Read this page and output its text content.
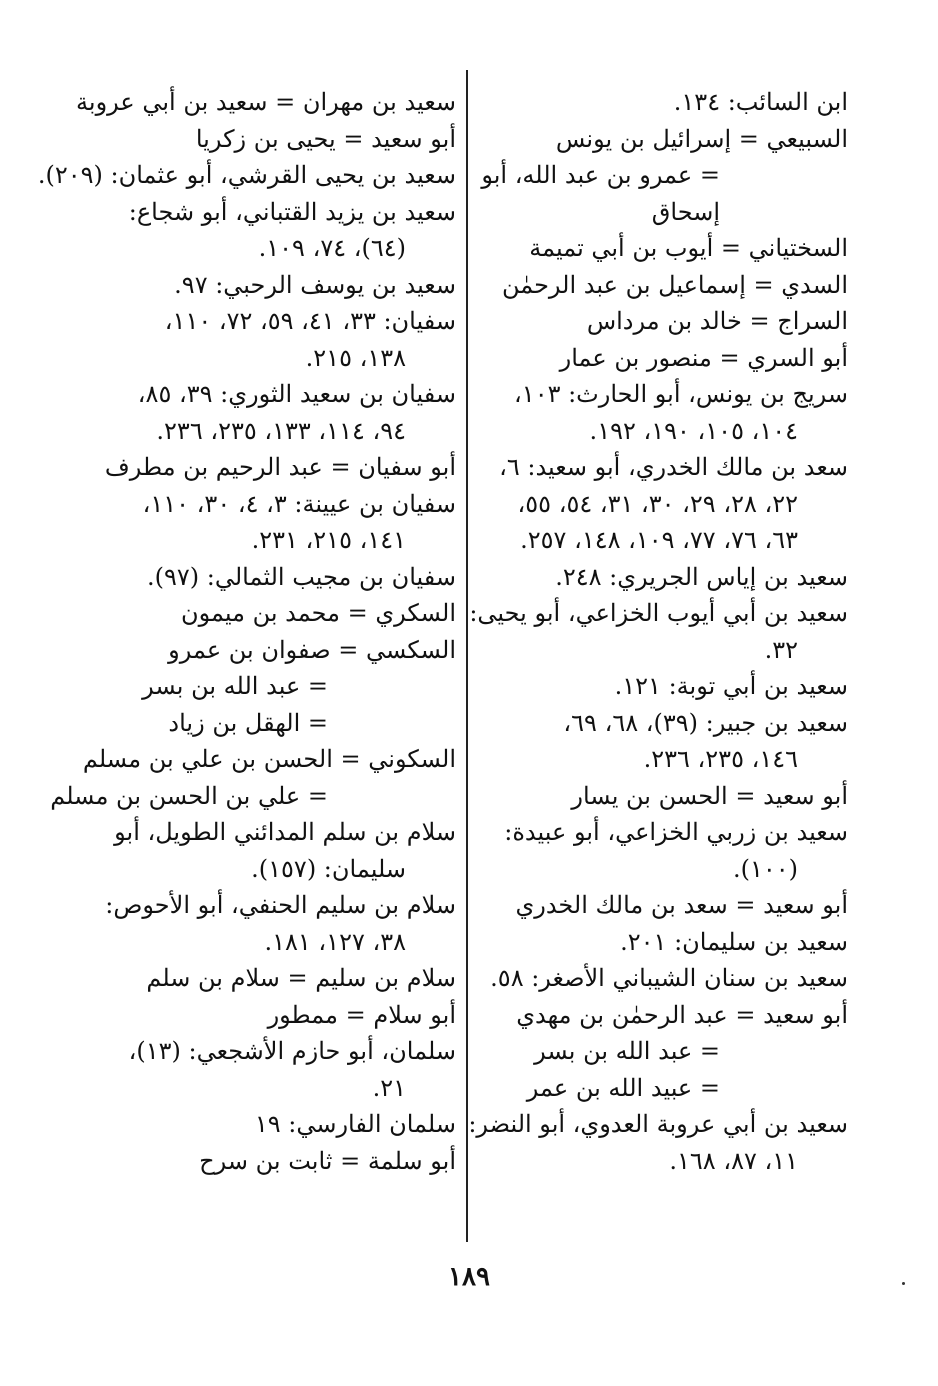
ابن السائب: ١٣٤.
السبيعي = إسرائيل بن يونس
= عمرو بن عبد الله، أبو
إسحاق
السختياني = أيوب بن أبي تميمة
السدي = إسماعيل بن عبد الرحمٰن
السراج = خالد بن مرداس
أبو السري = منصور بن عمار
سريج بن يونس، أبو الحارث: ١٠٣،
١٠٤، ١٠٥، ١٩٠، ١٩٢.
سعد بن مالك الخدري، أبو سعيد: ٦،
٢٢، ٢٨، ٢٩، ٣٠، ٣١، ٥٤، ٥٥،
٦٣، ٧٦، ٧٧، ١٠٩، ١٤٨، ٢٥٧.
سعيد بن إياس الجريري: ٢٤٨.
سعيد بن أبي أيوب الخزاعي، أبو يحيى:
٣٢.
سعيد بن أبي توبة: ١٢١.
سعيد بن جبير: (٣٩)، ٦٨، ٦٩،
١٤٦، ٢٣٥، ٢٣٦.
أبو سعيد = الحسن بن يسار
سعيد بن زربي الخزاعي، أبو عبيدة:
(١٠٠).
أبو سعيد = سعد بن مالك الخدري
سعيد بن سليمان: ٢٠١.
سعيد بن سنان الشيباني الأصغر: ٥٨.
أبو سعيد = عبد الرحمٰن بن مهدي
= عبد الله بن بسر
= عبيد الله بن عمر
سعيد بن أبي عروبة العدوي، أبو النضر:
١١، ٨٧، ١٦٨.
سعيد بن مهران = سعيد بن أبي عروبة
أبو سعيد = يحيى بن زكريا
سعيد بن يحيى القرشي، أبو عثمان: (٢٠٩).
سعيد بن يزيد القتباني، أبو شجاع:
(٦٤)، ٧٤، ١٠٩.
سعيد بن يوسف الرحبي: ٩٧.
سفيان: ٣٣، ٤١، ٥٩، ٧٢، ١١٠،
١٣٨، ٢١٥.
سفيان بن سعيد الثوري: ٣٩، ٨٥،
٩٤، ١١٤، ١٣٣، ٢٣٥، ٢٣٦.
أبو سفيان = عبد الرحيم بن مطرف
سفيان بن عيينة: ٣، ٤، ٣٠، ١١٠،
١٤١، ٢١٥، ٢٣١.
سفيان بن مجيب الثمالي: (٩٧).
السكري = محمد بن ميمون
السكسي = صفوان بن عمرو
= عبد الله بن بسر
= الهقل بن زياد
السكوني = الحسن بن علي بن مسلم
= علي بن الحسن بن مسلم
سلام بن سلم المدائني الطويل، أبو
سليمان: (١٥٧).
سلام بن سليم الحنفي، أبو الأحوص:
٣٨، ١٢٧، ١٨١.
سلام بن سليم = سلام بن سلم
أبو سلام = ممطور
سلمان، أبو حازم الأشجعي: (١٣)،
٢١.
سلمان الفارسي: ١٩
أبو سلمة = ثابت بن سرح
١٨٩
